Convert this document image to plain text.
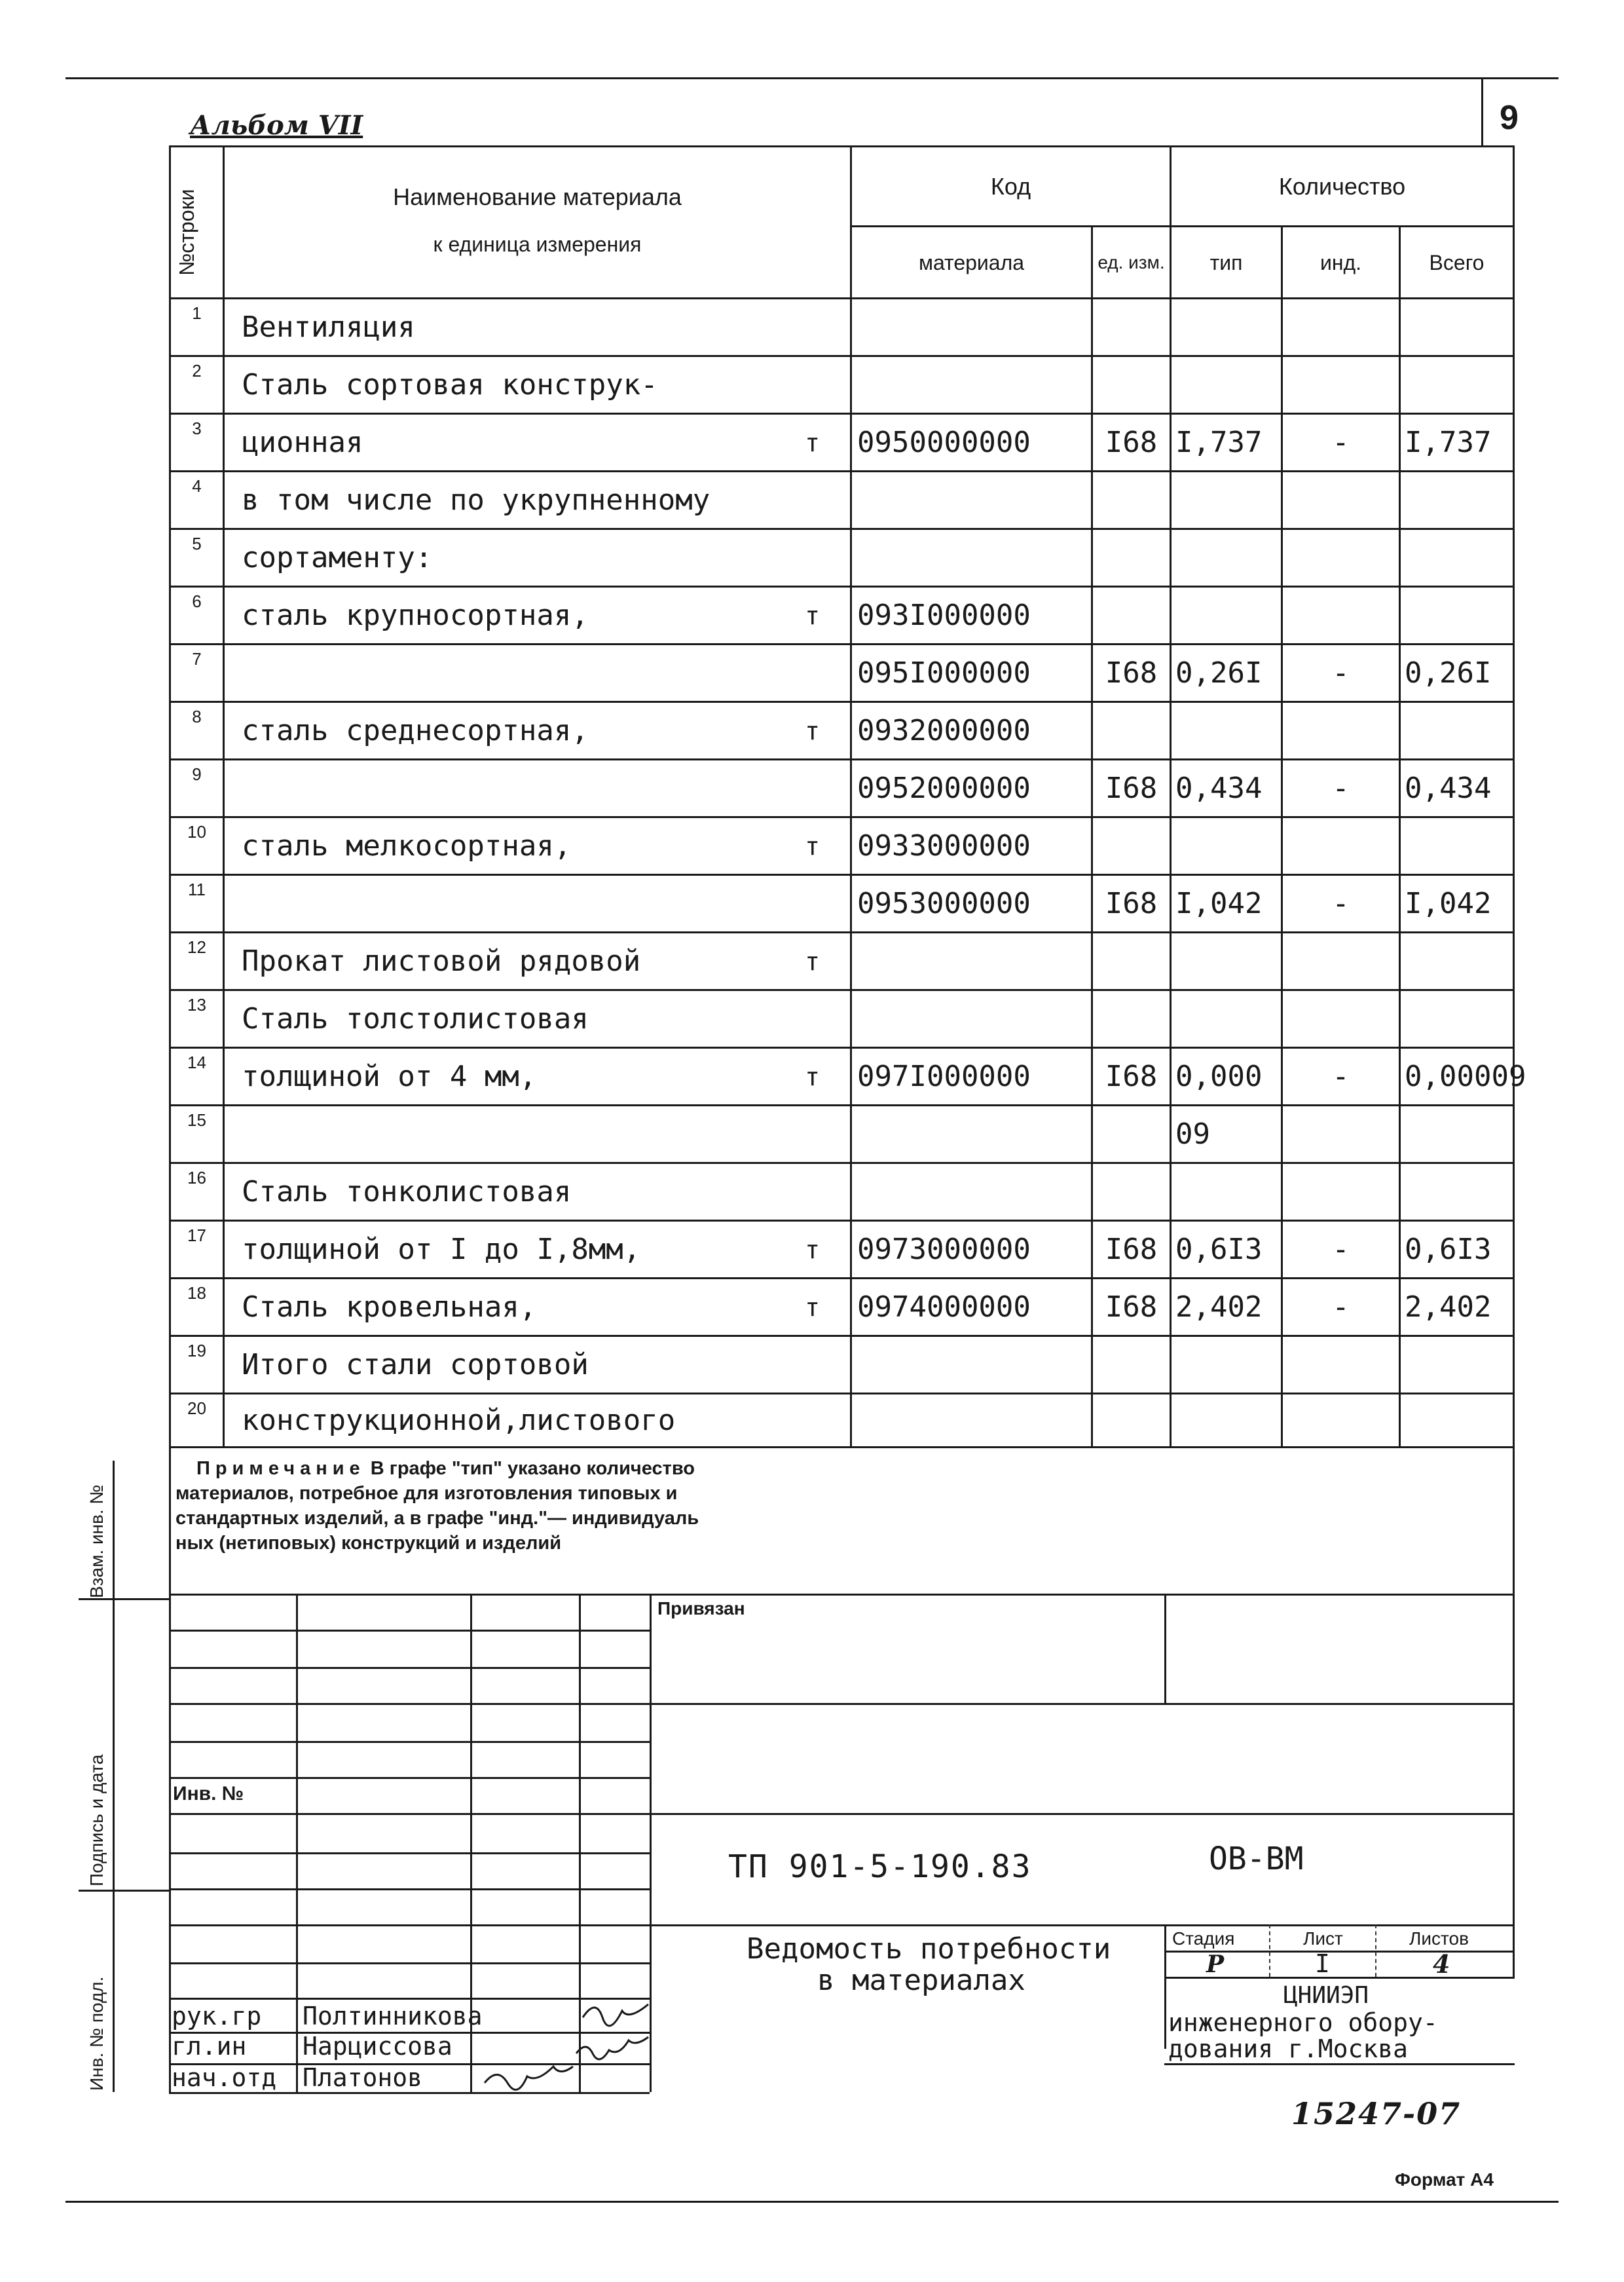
9
Альбом VII
№строки	Наименование материала
к единица измерения	Код		Количество		
		материала	ед. изм.	тип	инд.	Всего
1	Вентиляция					
2	Сталь сортовая конструк-					
3	ционная т	0950000000	I68	I,737	-	I,737
4	в том числе по укрупненному					
5	сортаменту:					
6	сталь крупносортная, т	093I000000				
7		095I000000	I68	0,26I	-	0,26I
8	сталь среднесортная, т	0932000000				
9		0952000000	I68	0,434	-	0,434
10	сталь мелкосортная, т	0933000000				
11		0953000000	I68	I,042	-	I,042
12	Прокат листовой рядовой т					

13	Сталь толстолистовая					
14	толщиной от 4 мм, т	097I000000	I68	0,000	-	0,00009
15				09		
16	Сталь тонколистовая					
17	толщиной от I до I,8мм, т	0973000000	I68	0,6I3	-	0,6I3
18	Сталь кровельная, т	0974000000	I68	2,402	-	2,402
19	Итого стали сортовой					
20	конструкционной,листового					
Примечание В графе "тип" указано количество
материалов, потребное для изготовления типовых и
стандартных изделий, а в графе "инд."— индивидуаль
ных (нетиповых) конструкций и изделий
Привязан
Инв. №
ТП 901-5-190.83	ОВ-ВМ
Ведомость потребности
в материалах
Стадия	Лист	Листов
Р	I	4
ЦНИИЭП
инженерного обору-
дования г.Москва
рук.гр Полтинникова
гл.ин Нарциссова
нач.отд Платонов
Взам. инв. №
Подпись и дата
Инв. № подл.
15247-07
Формат А4
